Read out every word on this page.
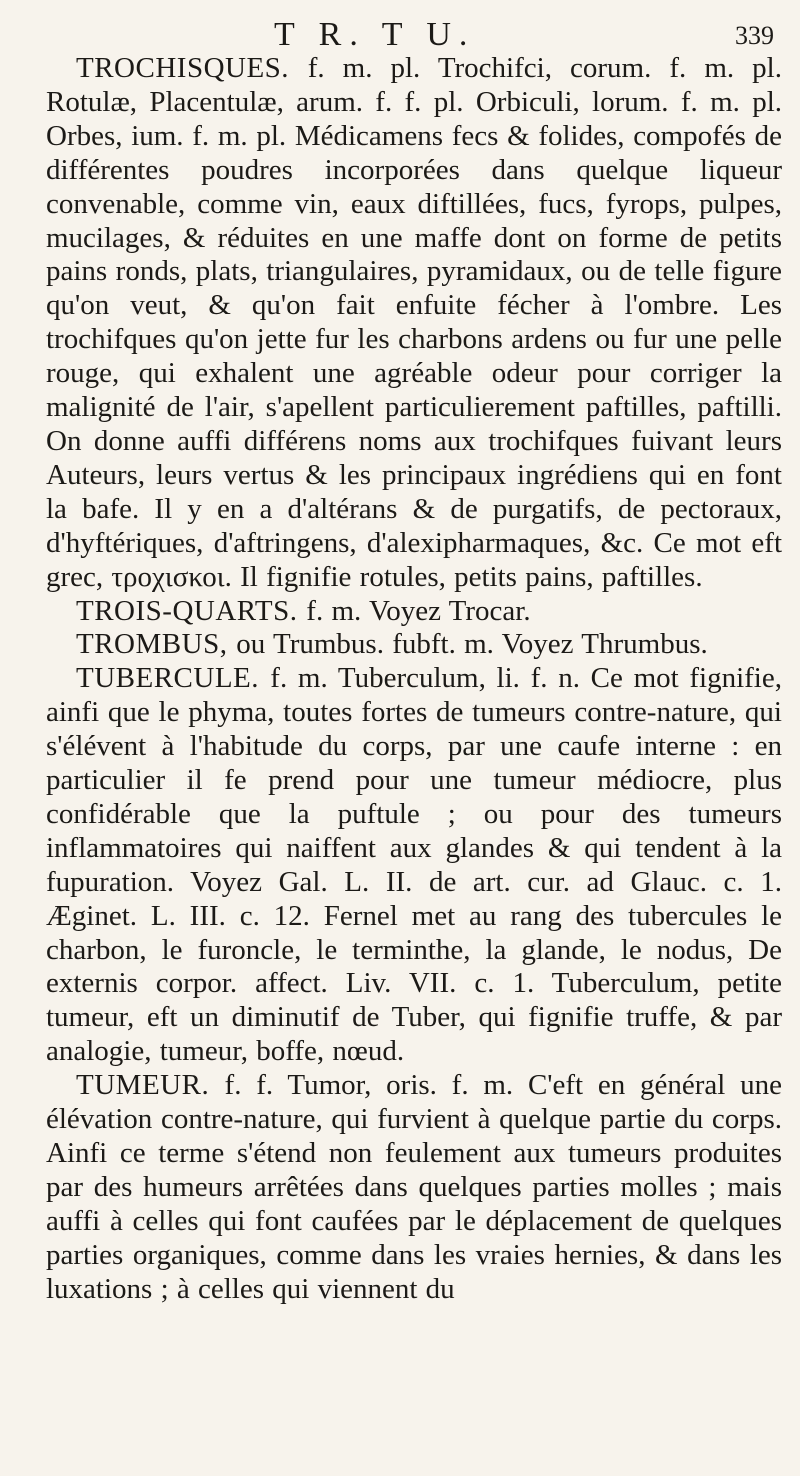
T R. T U.	339

TROCHISQUES. f. m. pl. Trochifci, corum. f. m. pl. Rotulæ, Placentulæ, arum. f. f. pl. Orbiculi, lorum. f. m. pl. Orbes, ium. f. m. pl. Médicamens fecs & folides, compofés de différentes poudres incorporées dans quelque liqueur convenable, comme vin, eaux diftillées, fucs, fyrops, pulpes, mucilages, & réduites en une maffe dont on forme de petits pains ronds, plats, triangulaires, pyramidaux, ou de telle figure qu'on veut, & qu'on fait enfuite fécher à l'ombre. Les trochifques qu'on jette fur les charbons ardens ou fur une pelle rouge, qui exhalent une agréable odeur pour corriger la malignité de l'air, s'apellent particulierement paftilles, paftilli. On donne auffi différens noms aux trochifques fuivant leurs Auteurs, leurs vertus & les principaux ingrédiens qui en font la bafe. Il y en a d'altérans & de purgatifs, de pectoraux, d'hyftériques, d'aftringens, d'alexipharmaques, &c. Ce mot eft grec, τροχισκοι. Il fignifie rotules, petits pains, paftilles.

TROIS-QUARTS. f. m. Voyez Trocar.

TROMBUS, ou Trumbus. fubft. m. Voyez Thrumbus.

TUBERCULE. f. m. Tuberculum, li. f. n. Ce mot fignifie, ainfi que le phyma, toutes fortes de tumeurs contre-nature, qui s'élévent à l'habitude du corps, par une caufe interne : en particulier il fe prend pour une tumeur médiocre, plus confidérable que la puftule ; ou pour des tumeurs inflammatoires qui naiffent aux glandes & qui tendent à la fupuration. Voyez Gal. L. II. de art. cur. ad Glauc. c. 1. Æginet. L. III. c. 12. Fernel met au rang des tubercules le charbon, le furoncle, le terminthe, la glande, le nodus, De externis corpor. affect. Liv. VII. c. 1. Tuberculum, petite tumeur, eft un diminutif de Tuber, qui fignifie truffe, & par analogie, tumeur, boffe, nœud.

TUMEUR. f. f. Tumor, oris. f. m. C'eft en général une élévation contre-nature, qui furvient à quelque partie du corps. Ainfi ce terme s'étend non feulement aux tumeurs produites par des humeurs arrêtées dans quelques parties molles ; mais auffi à celles qui font caufées par le déplacement de quelques parties organiques, comme dans les vraies hernies, & dans les luxations ; à celles qui viennent du
